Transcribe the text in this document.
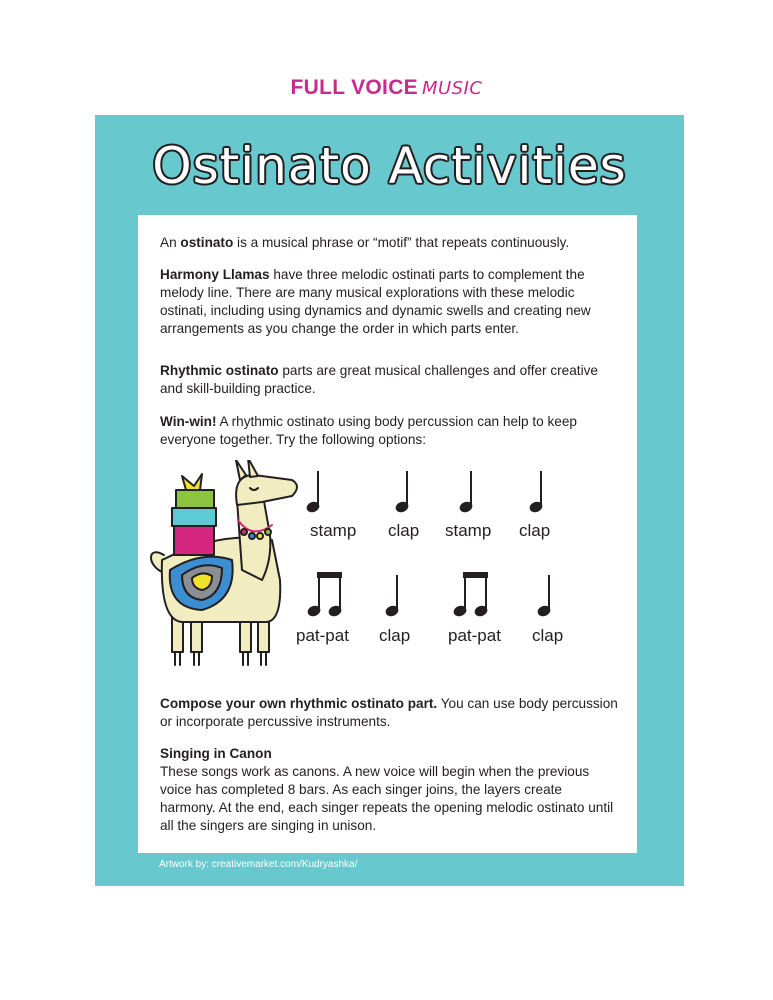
FULL VOICE MUSIC
Ostinato Activities

An ostinato is a musical phrase or “motif” that repeats continuously.

Harmony Llamas have three melodic ostinati parts to complement the melody line. There are many musical explorations with these melodic ostinati, including using dynamics and dynamic swells and creating new arrangements as you change the order in which parts enter.

Rhythmic ostinato parts are great musical challenges and offer creative and skill-building practice.

Win-win! A rhythmic ostinato using body percussion can help to keep everyone together. Try the following options:

stamp clap stamp clap
pat-pat clap pat-pat clap

Compose your own rhythmic ostinato part. You can use body percussion or incorporate percussive instruments.

Singing in Canon
These songs work as canons. A new voice will begin when the previous voice has completed 8 bars. As each singer joins, the layers create harmony. At the end, each singer repeats the opening melodic ostinato until all the singers are singing in unison.

Artwork by: creativemarket.com/Kudryashka/
